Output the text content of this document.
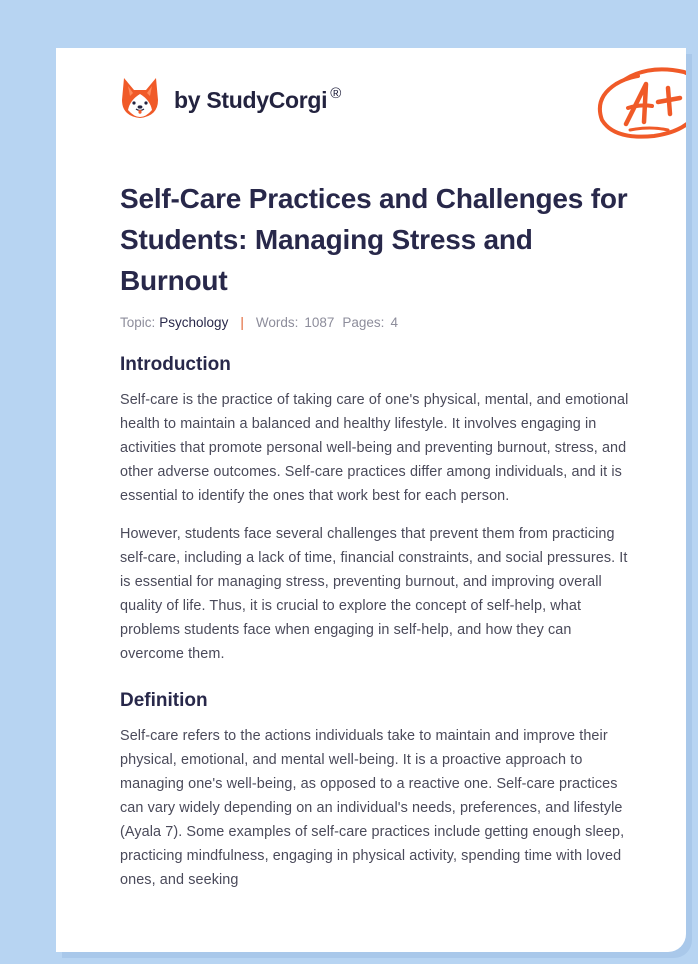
by StudyCorgi ®
Self-Care Practices and Challenges for Students: Managing Stress and Burnout
Topic: Psychology | Words: 1087 Pages: 4
Introduction

Self-care is the practice of taking care of one's physical, mental, and emotional health to maintain a balanced and healthy lifestyle. It involves engaging in activities that promote personal well-being and preventing burnout, stress, and other adverse outcomes. Self-care practices differ among individuals, and it is essential to identify the ones that work best for each person.

However, students face several challenges that prevent them from practicing self-care, including a lack of time, financial constraints, and social pressures. It is essential for managing stress, preventing burnout, and improving overall quality of life. Thus, it is crucial to explore the concept of self-help, what problems students face when engaging in self-help, and how they can overcome them.

Definition

Self-care refers to the actions individuals take to maintain and improve their physical, emotional, and mental well-being. It is a proactive approach to managing one's well-being, as opposed to a reactive one. Self-care practices can vary widely depending on an individual's needs, preferences, and lifestyle (Ayala 7). Some examples of self-care practices include getting enough sleep, practicing mindfulness, engaging in physical activity, spending time with loved ones, and seeking
